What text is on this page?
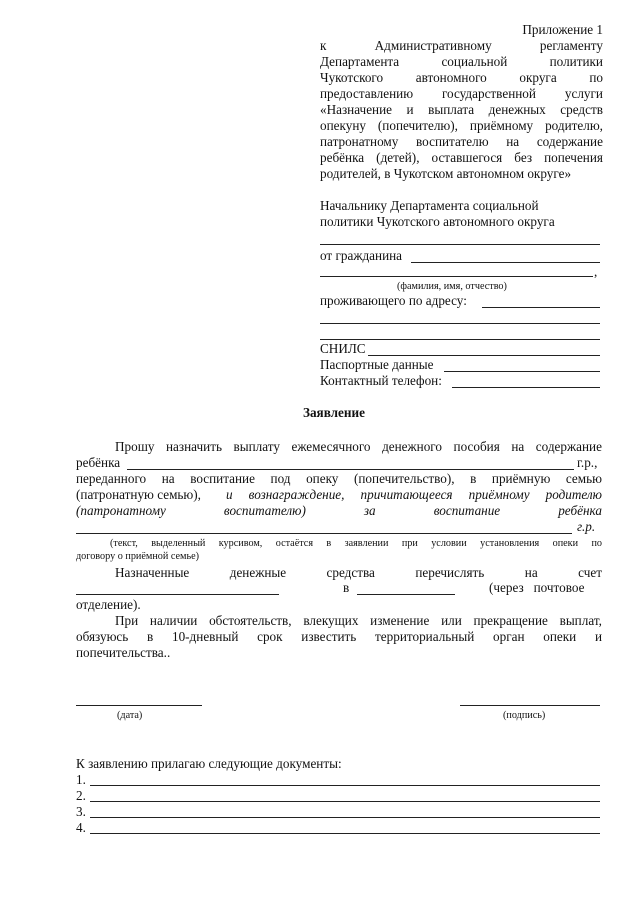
Приложение 1
к	Административному	регламенту
Департамента	социальной	политики
Чукотского автономного округа по
предоставлению государственной услуги
«Назначение и выплата денежных средств
опекуну (попечителю), приёмному родителю,
патронатному воспитателю на содержание
ребёнка (детей), оставшегося без попечения
родителей, в Чукотском автономном округе»
Начальнику Департамента социальной
политики Чукотского автономного округа
от гражданина
,
(фамилия, имя, отчество)
проживающего по адресу:
СНИЛС
Паспортные данные
Контактный телефон:
Заявление
Прошу назначить выплату ежемесячного денежного пособия на содержание
ребёнка	г.р.,
переданного на воспитание под опеку (попечительство), в приёмную семью
(патронатную семью), и вознаграждение, причитающееся приёмному родителю
(патронатному	воспитателю)	за	воспитание	ребёнка
г.р.
(текст, выделенный курсивом, остаётся в заявлении при условии установления опеки по
договору о приёмной семье)
Назначенные	денежные	средства	перечислять	на	счет
в	(через   почтовое
отделение).
При наличии обстоятельств, влекущих изменение или прекращение выплат,
обязуюсь в 10-дневный срок известить территориальный орган опеки и
попечительства..
(дата)	(подпись)
К заявлению прилагаю следующие документы:
1.
2.
3.
4.
